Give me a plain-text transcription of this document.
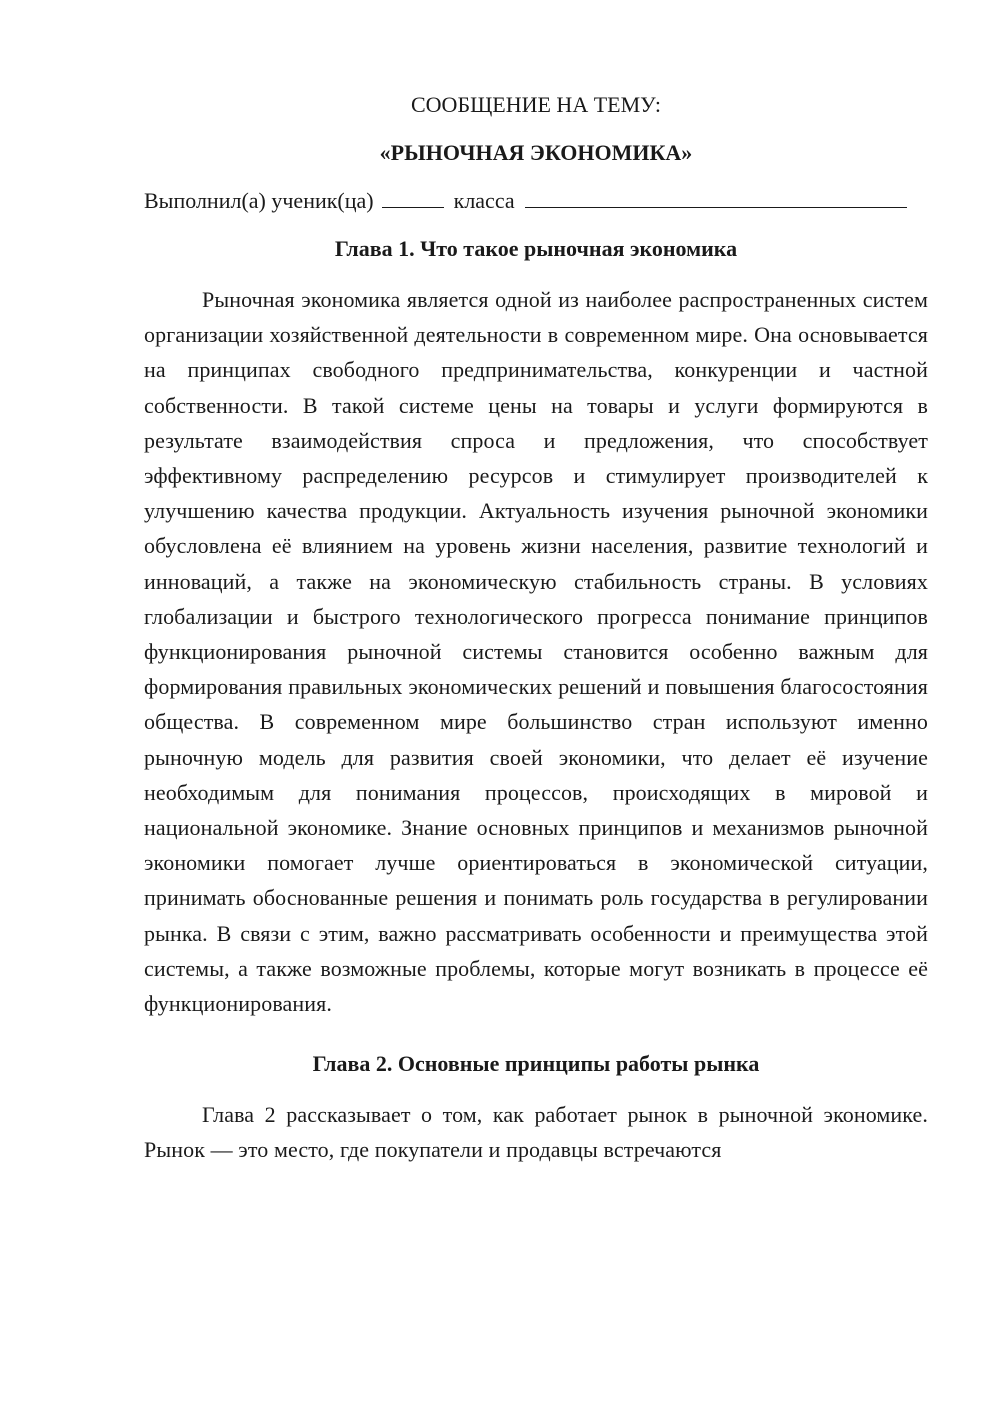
СООБЩЕНИЕ НА ТЕМУ:

«РЫНОЧНАЯ ЭКОНОМИКА»

Выполнил(а) ученик(ца)	класса
Глава 1. Что такое рыночная экономика

Рыночная экономика является одной из наиболее распространенных систем организации хозяйственной деятельности в современном мире. Она основывается на принципах свободного предпринимательства, конкуренции и частной собственности. В такой системе цены на товары и услуги формируются в результате взаимодействия спроса и предложения, что способствует эффективному распределению ресурсов и стимулирует производителей к улучшению качества продукции. Актуальность изучения рыночной экономики обусловлена её влиянием на уровень жизни населения, развитие технологий и инноваций, а также на экономическую стабильность страны. В условиях глобализации и быстрого технологического прогресса понимание принципов функционирования рыночной системы становится особенно важным для формирования правильных экономических решений и повышения благосостояния общества. В современном мире большинство стран используют именно рыночную модель для развития своей экономики, что делает её изучение необходимым для понимания процессов, происходящих в мировой и национальной экономике. Знание основных принципов и механизмов рыночной экономики помогает лучше ориентироваться в экономической ситуации, принимать обоснованные решения и понимать роль государства в регулировании рынка. В связи с этим, важно рассматривать особенности и преимущества этой системы, а также возможные проблемы, которые могут возникать в процессе её функционирования.

Глава 2. Основные принципы работы рынка

Глава 2 рассказывает о том, как работает рынок в рыночной экономике. Рынок — это место, где покупатели и продавцы встречаются
